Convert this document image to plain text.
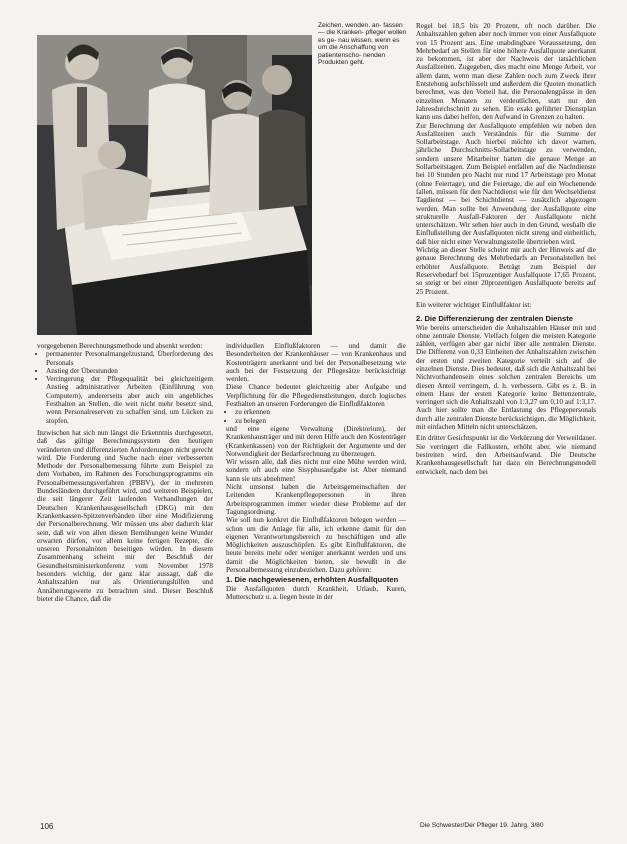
Zeichen, wenden, an- fassen — die Kranken- pfleger wollen es ge- nau wissen, wenn es um die Anschaffung von patientenscho- nenden Produkten geht.

vorgegebenen Berechnungsmethode und absenkt werden:

• permanenter Personalmangelzustand, Überforderung des Personals
• Anstieg der Überstunden
• Verringerung der Pflegequalität bei gleichzeitigem Anstieg administrativer Arbeiten (Einführung von Computern), andererseits aber auch ein angebliches Festhalten an Stellen, die weit nicht mehr besetzt sind, wenn Personalreserven zu schaffen sind, um Lücken zu stopfen.

Inzwischen hat sich nun längst die Erkenntnis durchgesetzt, daß das gültige Berechnungssystem den heutigen veränderten und differenzierten Anforderungen nicht gerecht wird. Die Forderung und Suche nach einer verbesserten Methode der Personalbemessung führte zum Beispiel zu dem Vorhaben, im Rahmen des Forschungsprogramms ein Personalbemessungsverfahren (PBBV), der in mehreren Bundesländern durchgeführt wird, und weiteren Beispielen, die seit längerer Zeit laufenden Verhandlungen der Deutschen Krankenhausgesellschaft (DKG) mit den Krankenkassen-Spitzenverbänden über eine Modifizierung der Personalberechnung. Wir müssen uns aber dadurch klar sein, daß wir von allen diesen Bemühungen keine Wunder erwarten dürfen, vor allem keine fertigen Rezepte, die unseren Personalnöten beseitigen würden. In diesem Zusammenhang scheint mir der Beschluß der Gesundheitsministerkonferenz vom November 1978 besonders wichtig, der ganz klar aussagt, daß die Anhaltszahlen nur als Orientierungshilfen und Annäherungswerte zu betrachten sind. Dieser Beschluß bietet die Chance, daß die

individuellen Einflußfaktoren — und damit die Besonderheiten der Krankenhäuser — von Krankenhaus und Kostenträgern anerkannt und bei der Personalbesetzung wie auch bei der Festsetzung der Pflegesätze berücksichtigt werden.

Diese Chance bedeutet gleichzeitig aber Aufgabe und Verpflichtung für die Pflegedienstleitungen, durch logisches Festhalten an unseren Forderungen die Einflußfaktoren

• zu erkennen
• zu belegen

und eine eigene Verwaltung (Direktorium), der Krankenhausträger und mit deren Hilfe auch den Kostenträger (Krankenkassen) von der Richtigkeit der Argumente und der Notwendigkeit der Bedarfsrechnung zu überzeugen.

Wir wissen alle, daß dies nicht nur eine Mühe werden wird, sondern oft auch eine Sisyphusaufgabe ist. Aber niemand kann sie uns abnehmen!

Nicht umsonst haben die Arbeitsgemeinschaften der Leitenden Krankenpflegepersonen in ihren Arbeitsprogrammen immer wieder diese Probleme auf der Tagungsordnung.

Wie soll nun konkret die Einflußfaktoren belegen werden — schon um die Anlage für alle, ich erkenne damit für den eigenen Verantwortungsbereich zu beschäftigen und alle Möglichkeiten auszuschöpfen. Es gibt Einflußfaktoren, die heute bereits mehr oder weniger anerkannt werden und uns damit die Möglichkeiten bieten, sie bewußt in die Personalbemessung einzubeziehen. Dazu gehören:

1. Die nachgewiesenen, erhöhten Ausfallquoten

Die Ausfallquoten durch Krankheit, Urlaub, Kuren, Mutterschutz u. a. liegen heute in der

Regel bei 18,5 bis 20 Prozent, oft noch darüber. Die Anhaltszahlen gehen aber noch immer von einer Ausfallquote von 15 Prozent aus. Eine unabdingbare Voraussetzung, den Mehrbedarf an Stellen für eine höhere Ausfallquote anerkannt zu bekommen, ist aber der Nachweis der tatsächlichen Ausfallzeiten. Zugegeben, dies macht eine Menge Arbeit, vor allem dann, wenn man diese Zahlen noch zum Zweck ihrer Entstehung aufschlüsselt und außerdem die Quoten monatlich berechnet, was den Vorteil hat, die Personalengpässe in den einzelnen Monaten zu verdeutlichen, statt nur den Jahresdurchschnitt zu sehen. Ein exakt geführter Dienstplan kann uns dabei helfen, den Aufwand in Grenzen zu halten.

Zur Berechnung der Ausfallquote empfehlen wir neben den Ausfallzeiten auch Verständnis für die Summe der Sollarbeitstage. Auch hierbei möchte ich davor warnen, jährliche Durchschnitts-Sollarbeitstage zu verwenden, sondern unsere Mitarbeiter hatten die genaue Menge an Sollarbeitstagen. Zum Beispiel entfallen auf die Nachtdienste bei 10 Stunden pro Nacht nur rund 17 Arbeitstage pro Monat (ohne Feiertage), und die Feiertage, die auf ein Wochenende fallen, müssen für den Nachtdienst wie für den Wechseldienst Tagdienst — bei Schichtdienst — zusätzlich abgezogen werden. Man sollte bei Anwendung der Ausfallquote eine strukturelle Ausfall-Faktoren der Ausfallquote nicht unterschätzen. Wir sehen hier auch in den Grund, weshalb die Einflußstellung der Ausfallquoten nicht streng und einheitlich, daß hier nicht einer Verwaltungsstelle übertrieben wird.

Wichtig an dieser Stelle scheint mir auch der Hinweis auf die genaue Berechnung des Mehrbedarfs an Personalstellen bei erhöhter Ausfallquote. Beträgt zum Beispiel der Reservebedarf bei 15prozentiger Ausfallquote 17,65 Prozent, so steigt er bei einer 20prozentigen Ausfallquote bereits auf 25 Prozent.

Ein weiterer wichtiger Einflußfaktor ist:

2. Die Differenzierung der zentralen Dienste

Wie bereits unterscheiden die Anhaltszahlen Häuser mit und ohne zentrale Dienste. Vielfach folgen die meisten Kategorie zählen, verfügen aber gar nicht über alle zentralen Dienste. Die Differenz von 0,33 Einheiten der Anhaltszahlen zwischen der ersten und zweiten Kategorie verteilt sich auf die einzelnen Dienste. Dies bedeutet, daß sich die Anhaltszahl bei Nichtvorhandensein eines solchen zentralen Bereichs um diesen Anteil verringern, d. h. verbessern. Gibt es z. B. in einem Haus der ersten Kategorie keine Bettenzentrale, verringert sich die Anhaltszahl von 1:3,27 um 0,10 auf 1:3,17. Auch hier sollte man die Entlastung des Pflegepersonals durch alle zentralen Dienste berücksichtigen, die Möglichkeit, mit einfachen Mitteln nicht unterschätzen.

Ein dritter Gesichtspunkt ist die Verkürzung der Verweildauer. Sie verringert die Fallkosten, erhöht aber, wie niemand bestreiten wird, den Arbeitsaufwand. Die Deutsche Krankenhausgesellschaft hat dazu ein Berechnungsmodell entwickelt, nach dem bei

106	Die Schwester/Der Pfleger 19. Jahrg. 3/80
